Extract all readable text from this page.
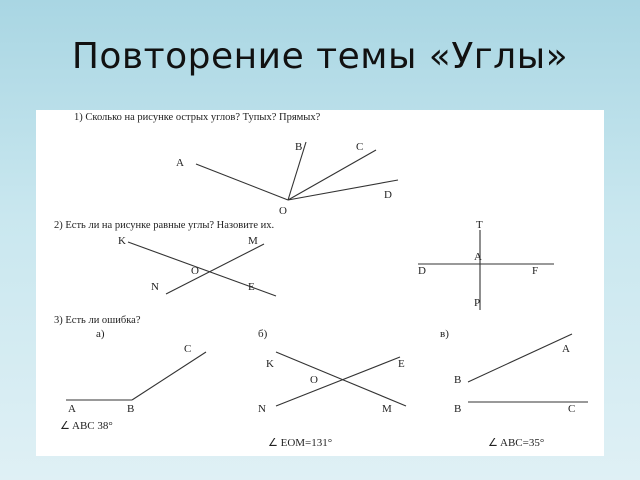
Повторение темы «Углы»
1) Сколько на рисунке острых углов? Тупых? Прямых?
A
B	C
D
O
2) Есть ли на рисунке равные углы? Назовите их.
K	M
O
N	E
T
A
D	F
P
3) Есть ли ошибка?
а)
C
A	B
∠ ABC 38°
б)
K	E
O
N	M
∠ EOM=131°
в)
A
B
B	C
∠ ABC=35°
